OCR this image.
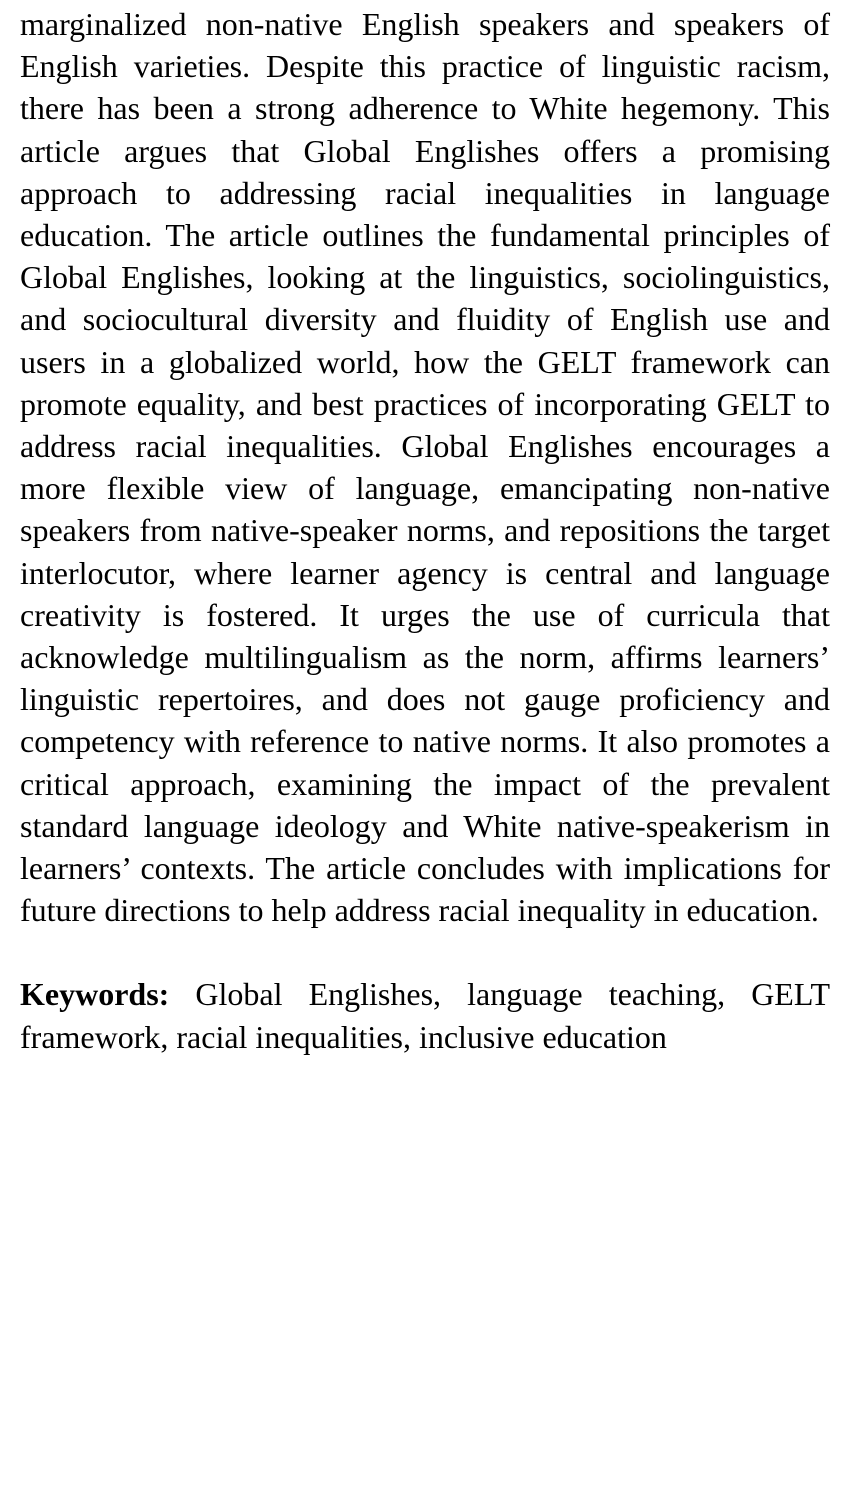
marginalized non-native English speakers and speakers of English varieties. Despite this practice of linguistic racism, there has been a strong adherence to White hegemony. This article argues that Global Englishes offers a promising approach to addressing racial inequalities in language education. The article outlines the fundamental principles of Global Englishes, looking at the linguistics, sociolinguistics, and sociocultural diversity and fluidity of English use and users in a globalized world, how the GELT framework can promote equality, and best practices of incorporating GELT to address racial inequalities. Global Englishes encourages a more flexible view of language, emancipating non-native speakers from native-speaker norms, and repositions the target interlocutor, where learner agency is central and language creativity is fostered. It urges the use of curricula that acknowledge multilingualism as the norm, affirms learners’ linguistic repertoires, and does not gauge proficiency and competency with reference to native norms. It also promotes a critical approach, examining the impact of the prevalent standard language ideology and White native-speakerism in learners’ contexts. The article concludes with implications for future directions to help address racial inequality in education.

Keywords: Global Englishes, language teaching, GELT framework, racial inequalities, inclusive education
